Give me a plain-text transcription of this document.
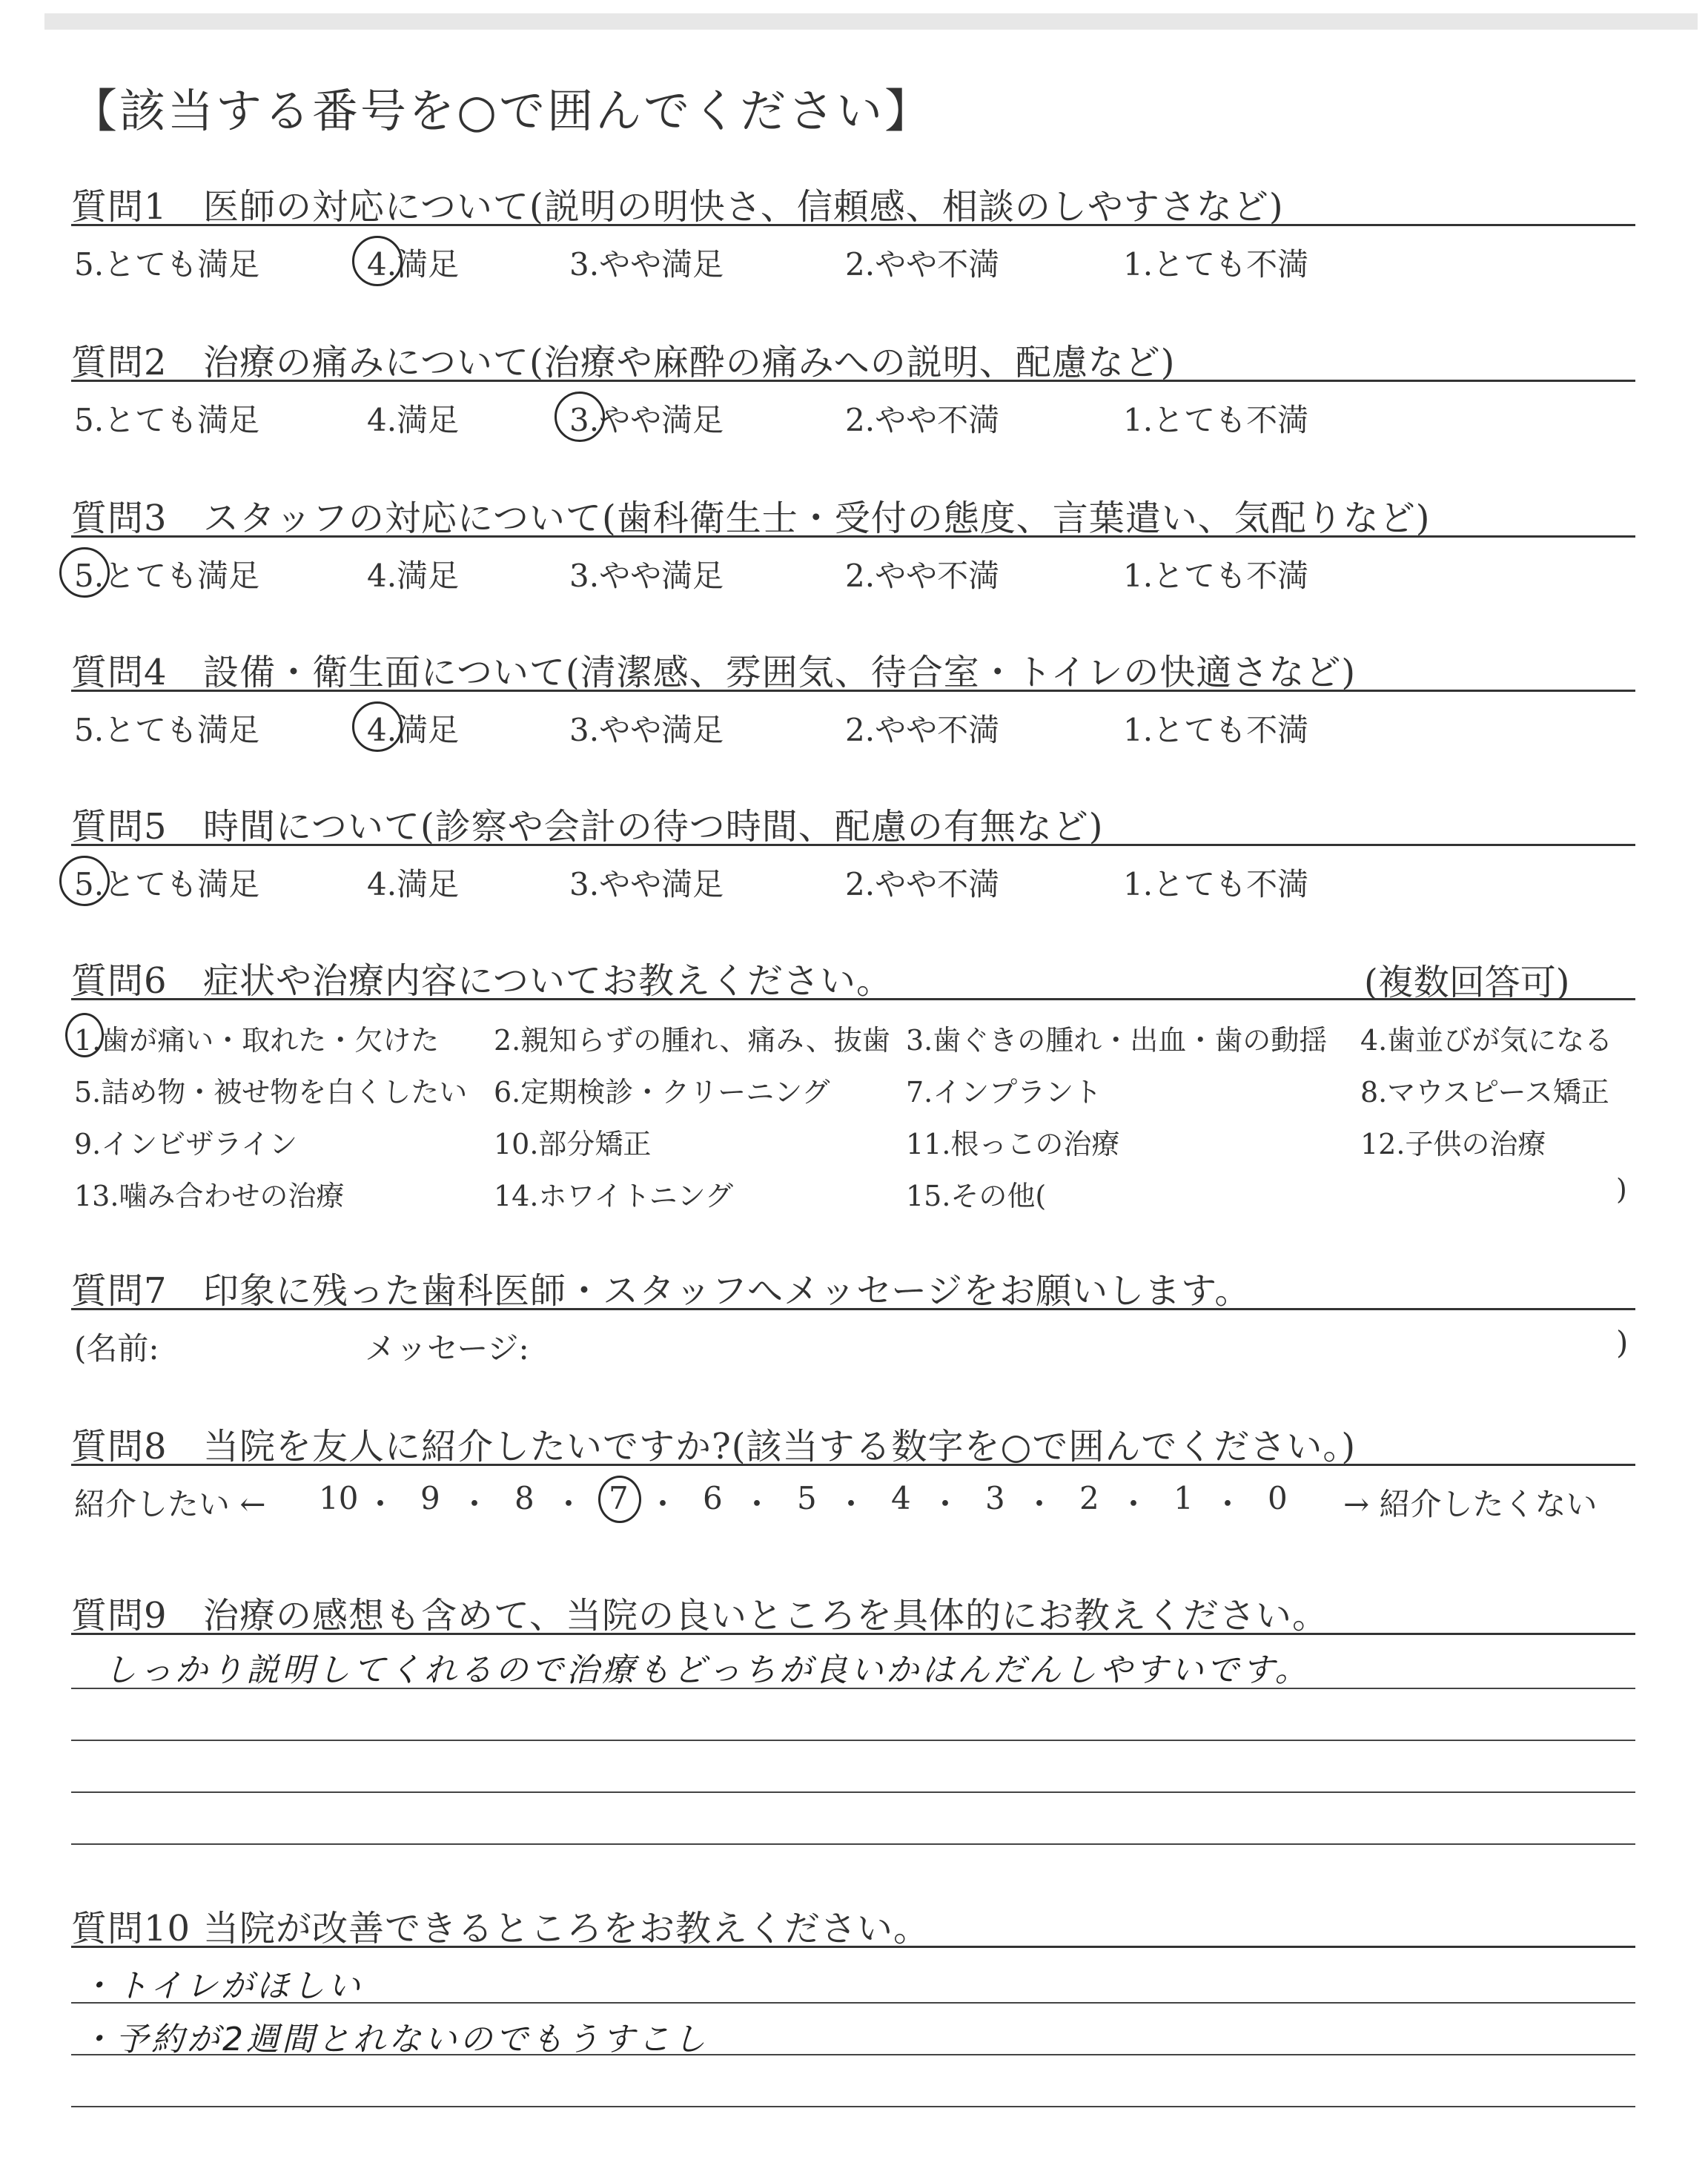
【該当する番号を○で囲んでください】
質問1 医師の対応について(説明の明快さ、信頼感、相談のしやすさなど)
5.とても満足	4.満足	3.やや満足	2.やや不満	1.とても不満
質問2 治療の痛みについて(治療や麻酔の痛みへの説明、配慮など)
5.とても満足	4.満足	3.やや満足	2.やや不満	1.とても不満
質問3 スタッフの対応について(歯科衛生士・受付の態度、言葉遣い、気配りなど)
5.とても満足	4.満足	3.やや満足	2.やや不満	1.とても不満
質問4 設備・衛生面について(清潔感、雰囲気、待合室・トイレの快適さなど)
5.とても満足	4.満足	3.やや満足	2.やや不満	1.とても不満
質問5 時間について(診察や会計の待つ時間、配慮の有無など)
5.とても満足	4.満足	3.やや満足	2.やや不満	1.とても不満
質問6 症状や治療内容についてお教えください。	(複数回答可)
1.歯が痛い・取れた・欠けた 2.親知らずの腫れ、痛み、抜歯 3.歯ぐきの腫れ・出血・歯の動揺 4.歯並びが気になる
5.詰め物・被せ物を白くしたい 6.定期検診・クリーニング	7.インプラント	8.マウスピース矯正
9.インビザライン	10.部分矯正	11.根っこの治療	12.子供の治療
13.噛み合わせの治療	14.ホワイトニング	15.その他(	)
質問7 印象に残った歯科医師・スタッフへメッセージをお願いします。
(名前:	メッセージ:	)
質問8 当院を友人に紹介したいですか?(該当する数字を○で囲んでください。)
紹介したい ← 10 ・ 9 ・ 8 ・ 7 ・ 6 ・ 5 ・ 4 ・ 3 ・ 2 ・ 1 ・ 0 → 紹介したくない
質問9 治療の感想も含めて、当院の良いところを具体的にお教えください。
しっかり説明してくれるので治療もどっちが良いかはんだんしやすいです。
質問10 当院が改善できるところをお教えください。
・トイレがほしい
・予約が2週間とれないのでもうすこし
